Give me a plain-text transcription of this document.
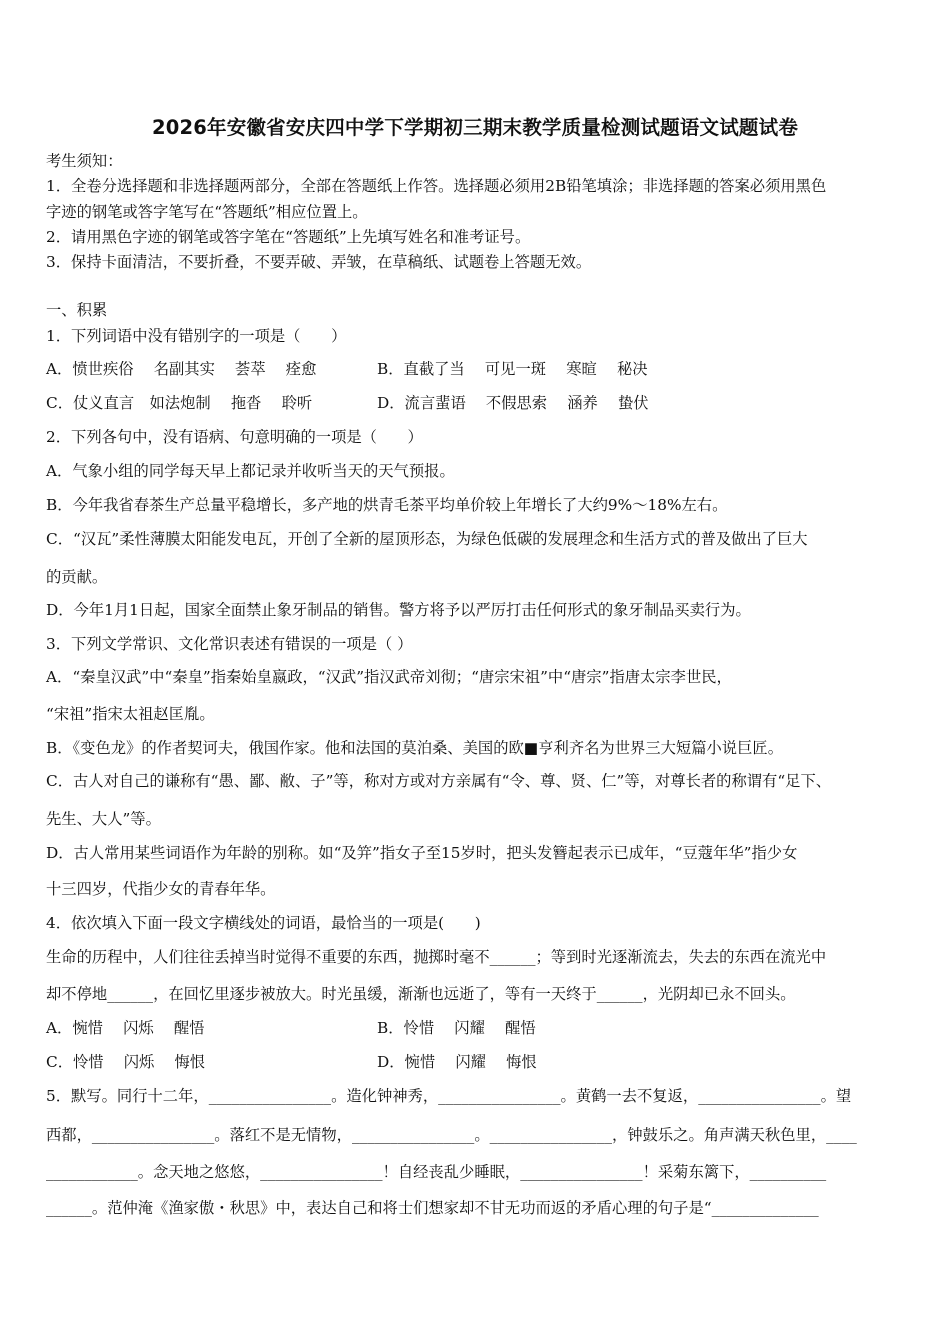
2026年安徽省安庆四中学下学期初三期末教学质量检测试题语文试题试卷
考生须知：
1．全卷分选择题和非选择题两部分，全部在答题纸上作答。选择题必须用2B铅笔填涂；非选择题的答案必须用黑色
字迹的钢笔或答字笔写在“答题纸”相应位置上。
2．请用黑色字迹的钢笔或答字笔在“答题纸”上先填写姓名和准考证号。
3．保持卡面清洁，不要折叠，不要弄破、弄皱，在草稿纸、试题卷上答题无效。
一、积累
1．下列词语中没有错别字的一项是（　　）
A．愤世疾俗　 名副其实　 荟萃　 痊愈	B．直截了当　 可见一斑　 寒暄　 秘决
C．仗义直言　如法炮制　 拖沓　 聆听	D．流言蜚语　 不假思索　 涵养　 蛰伏
2．下列各句中，没有语病、句意明确的一项是（　　）
A．气象小组的同学每天早上都记录并收听当天的天气预报。
B．今年我省春茶生产总量平稳增长，多产地的烘青毛茶平均单价较上年增长了大约9%～18%左右。
C．“汉瓦”柔性薄膜太阳能发电瓦，开创了全新的屋顶形态，为绿色低碳的发展理念和生活方式的普及做出了巨大
的贡献。
D．今年1月1日起，国家全面禁止象牙制品的销售。警方将予以严厉打击任何形式的象牙制品买卖行为。
3．下列文学常识、文化常识表述有错误的一项是（ ）
A．“秦皇汉武”中“秦皇”指秦始皇嬴政，“汉武”指汉武帝刘彻；“唐宗宋祖”中“唐宗”指唐太宗李世民，
“宋祖”指宋太祖赵匡胤。
B．《变色龙》的作者契诃夫，俄国作家。他和法国的莫泊桑、美国的欧■亨利齐名为世界三大短篇小说巨匠。
C．古人对自己的谦称有“愚、鄙、敝、子”等，称对方或对方亲属有“令、尊、贤、仁”等，对尊长者的称谓有“足下、
先生、大人”等。
D．古人常用某些词语作为年龄的别称。如“及笄”指女子至15岁时，把头发簪起表示已成年，“豆蔻年华”指少女
十三四岁，代指少女的青春年华。
4．依次填入下面一段文字横线处的词语，最恰当的一项是(　　)
生命的历程中，人们往往丢掉当时觉得不重要的东西，抛掷时毫不______；等到时光逐渐流去，失去的东西在流光中
却不停地______，在回忆里逐步被放大。时光虽缓，渐渐也远逝了，等有一天终于______，光阴却已永不回头。
A．惋惜　 闪烁　 醒悟	B．怜惜　 闪耀　 醒悟
C．怜惜　 闪烁　 悔恨	D．惋惜　 闪耀　 悔恨
5．默写。同行十二年，________________。造化钟神秀，________________。黄鹤一去不复返，________________。望
西都，________________。落红不是无情物，________________。________________，钟鼓乐之。角声满天秋色里，____
____________。念天地之悠悠，________________！自经丧乱少睡眠，________________！采菊东篱下，__________
______。范仲淹《渔家傲・秋思》中，表达自己和将士们想家却不甘无功而返的矛盾心理的句子是“______________
